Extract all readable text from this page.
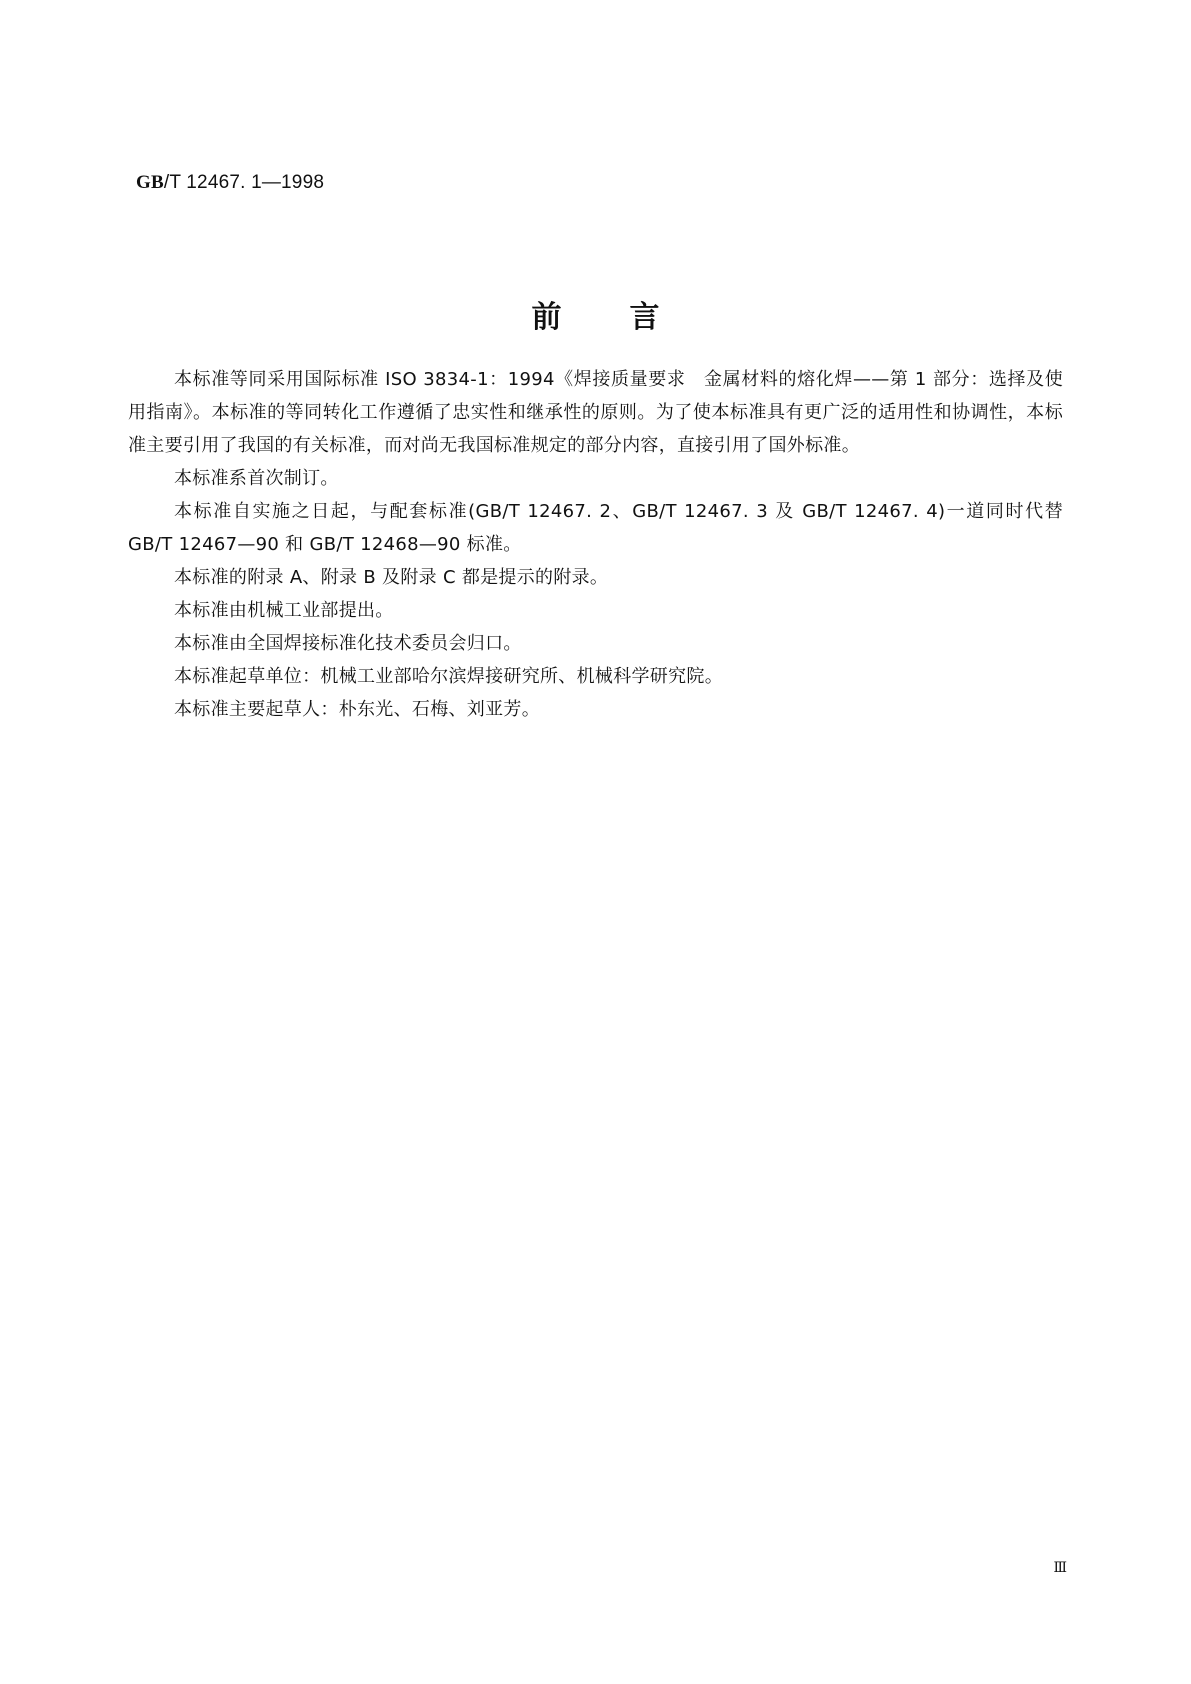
GB/T 12467. 1—1998
前言

本标准等同采用国际标准 ISO 3834-1：1994《焊接质量要求　金属材料的熔化焊——第 1 部分：选择及使用指南》。本标准的等同转化工作遵循了忠实性和继承性的原则。为了使本标准具有更广泛的适用性和协调性，本标准主要引用了我国的有关标准，而对尚无我国标准规定的部分内容，直接引用了国外标准。

本标准系首次制订。

本标准自实施之日起，与配套标准(GB/T 12467. 2、GB/T 12467. 3 及 GB/T 12467. 4)一道同时代替 GB/T 12467—90 和 GB/T 12468—90 标准。

本标准的附录 A、附录 B 及附录 C 都是提示的附录。

本标准由机械工业部提出。

本标准由全国焊接标准化技术委员会归口。

本标准起草单位：机械工业部哈尔滨焊接研究所、机械科学研究院。

本标准主要起草人：朴东光、石梅、刘亚芳。

Ⅲ
